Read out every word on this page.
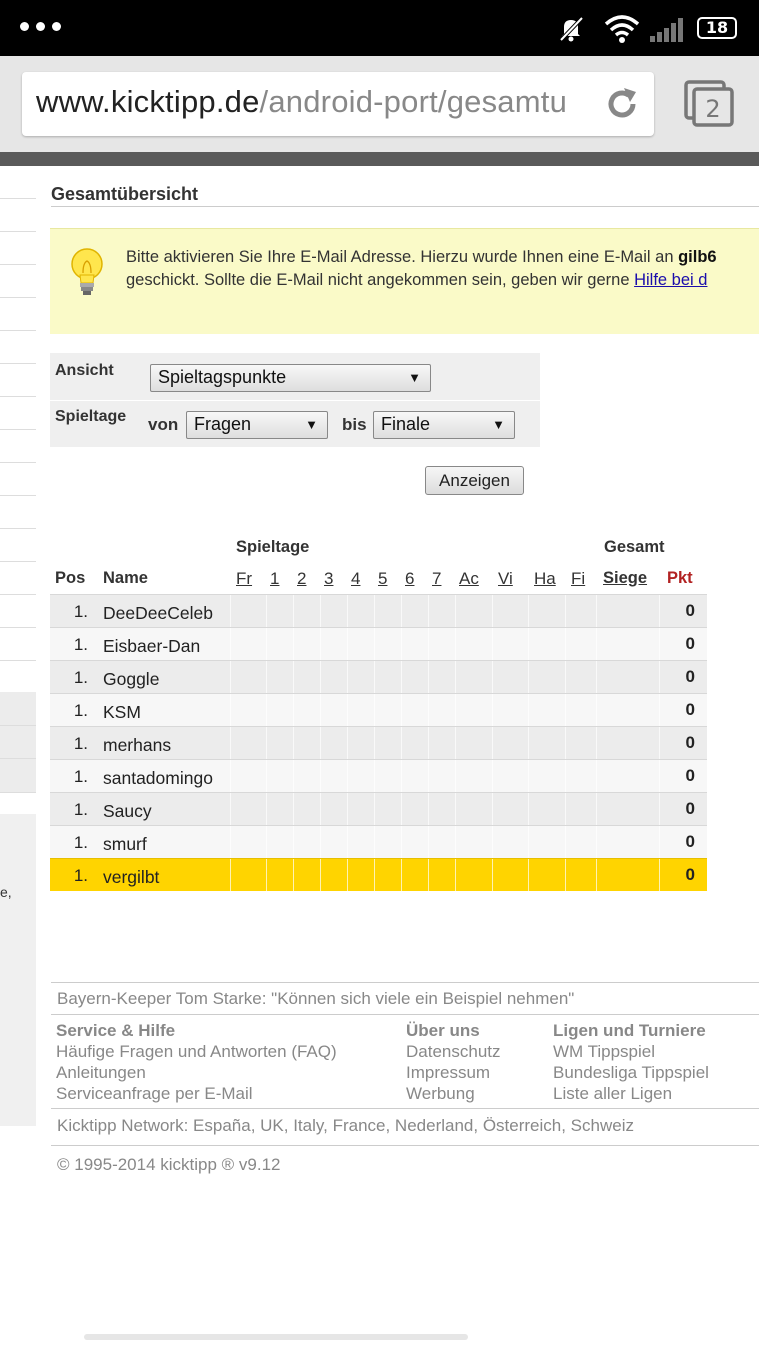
18
www.kicktipp.de/android-port/gesamtu	2
e,
Gesamtübersicht
Bitte aktivieren Sie Ihre E-Mail Adresse. Hierzu wurde Ihnen eine E-Mail an gilb6
geschickt. Sollte die E-Mail nicht angekommen sein, geben wir gerne Hilfe bei d
Ansicht	Spieltagspunkte	▼
Spieltage von Fragen	▼ bis Finale	▼
Anzeigen
Spieltage	Gesamt
Pos Name	Fr 1 2 3 4 5 6 7 Ac Vi Ha Fi Siege Pkt
1. DeeDeeCeleb	0
1. Eisbaer-Dan	0
1. Goggle	0
1. KSM	0
1. merhans	0
1. santadomingo	0
1. Saucy	0
1. smurf	0
1. vergilbt	0
Bayern-Keeper Tom Starke: "Können sich viele ein Beispiel nehmen"
Service & Hilfe
Häufige Fragen und Antworten (FAQ)
Anleitungen
Serviceanfrage per E-Mail
Über uns
Datenschutz
Impressum
Werbung
Ligen und Turniere
WM Tippspiel
Bundesliga Tippspiel
Liste aller Ligen
Kicktipp Network: España, UK, Italy, France, Nederland, Österreich, Schweiz
© 1995-2014 kicktipp ® v9.12
